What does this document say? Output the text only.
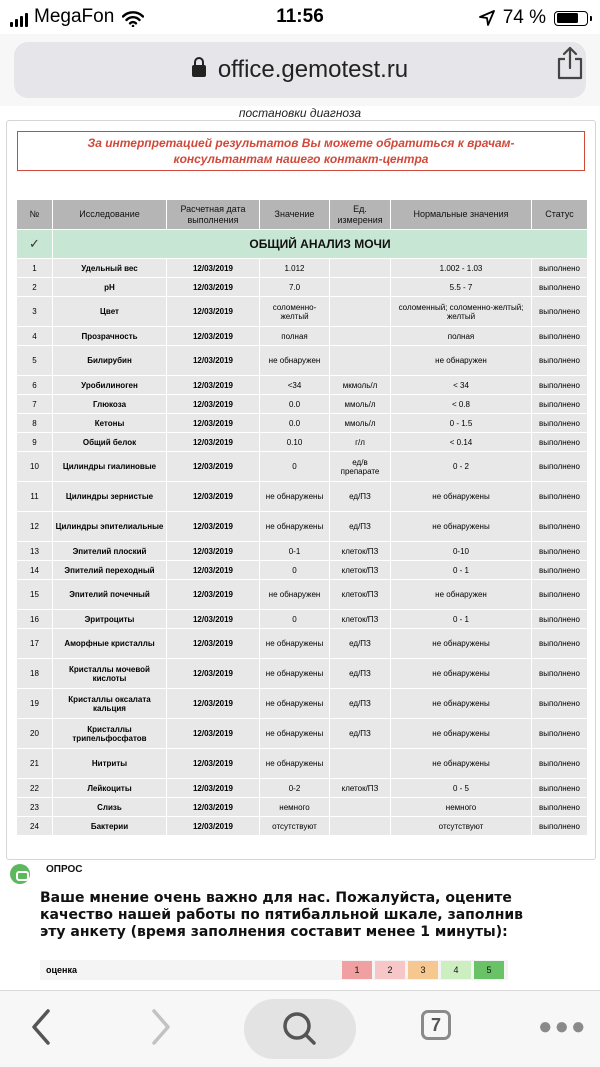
MegaFon	11:56	74 %
office.gemotest.ru
постановки диагноза
За интерпретацией результатов Вы можете обратиться к врачам-
консультантам нашего контакт-центра
№	Исследование	Расчетная дата выполнения	Значение	Ед. измерения	Нормальные значения	Статус
✓	ОБЩИЙ АНАЛИЗ МОЧИ					
1	Удельный вес	12/03/2019	1.012		1.002 - 1.03	выполнено
2	pH	12/03/2019	7.0		5.5 - 7	выполнено
3	Цвет	12/03/2019	соломенно-желтый		соломенный; соломенно-желтый; желтый	выполнено
4	Прозрачность	12/03/2019	полная		полная	выполнено
5	Билирубин	12/03/2019	не обнаружен		не обнаружен	выполнено
6	Уробилиноген	12/03/2019	<34	мкмоль/л	< 34	выполнено
7	Глюкоза	12/03/2019	0.0	ммоль/л	< 0.8	выполнено
8	Кетоны	12/03/2019	0.0	ммоль/л	0 - 1.5	выполнено
9	Общий белок	12/03/2019	0.10	г/л	< 0.14	выполнено
10	Цилиндры гиалиновые	12/03/2019	0	ед/в препарате	0 - 2	выполнено
11	Цилиндры зернистые	12/03/2019	не обнаружены	ед/ПЗ	не обнаружены	выполнено
12	Цилиндры эпителиальные	12/03/2019	не обнаружены	ед/ПЗ	не обнаружены	выполнено
13	Эпителий плоский	12/03/2019	0-1	клеток/ПЗ	0-10	выполнено
14	Эпителий переходный	12/03/2019	0	клеток/ПЗ	0 - 1	выполнено
15	Эпителий почечный	12/03/2019	не обнаружен	клеток/ПЗ	не обнаружен	выполнено
16	Эритроциты	12/03/2019	0	клеток/ПЗ	0 - 1	выполнено
17	Аморфные кристаллы	12/03/2019	не обнаружены	ед/ПЗ	не обнаружены	выполнено
18	Кристаллы мочевой кислоты	12/03/2019	не обнаружены	ед/ПЗ	не обнаружены	выполнено
19	Кристаллы оксалата кальция	12/03/2019	не обнаружены	ед/ПЗ	не обнаружены	выполнено
20	Кристаллы трипельфосфатов	12/03/2019	не обнаружены	ед/ПЗ	не обнаружены	выполнено
21	Нитриты	12/03/2019	не обнаружены		не обнаружены	выполнено
22	Лейкоциты	12/03/2019	0-2	клеток/ПЗ	0 - 5	выполнено
23	Слизь	12/03/2019	немного		немного	выполнено
24	Бактерии	12/03/2019	отсутствуют		отсутствуют	выполнено
ОПРОС
Ваше мнение очень важно для нас. Пожалуйста, оцените качество нашей работы по пятибалльной шкале, заполнив эту анкету (время заполнения составит менее 1 минуты):
оценка	1	2	3	4	5
7	●●●
